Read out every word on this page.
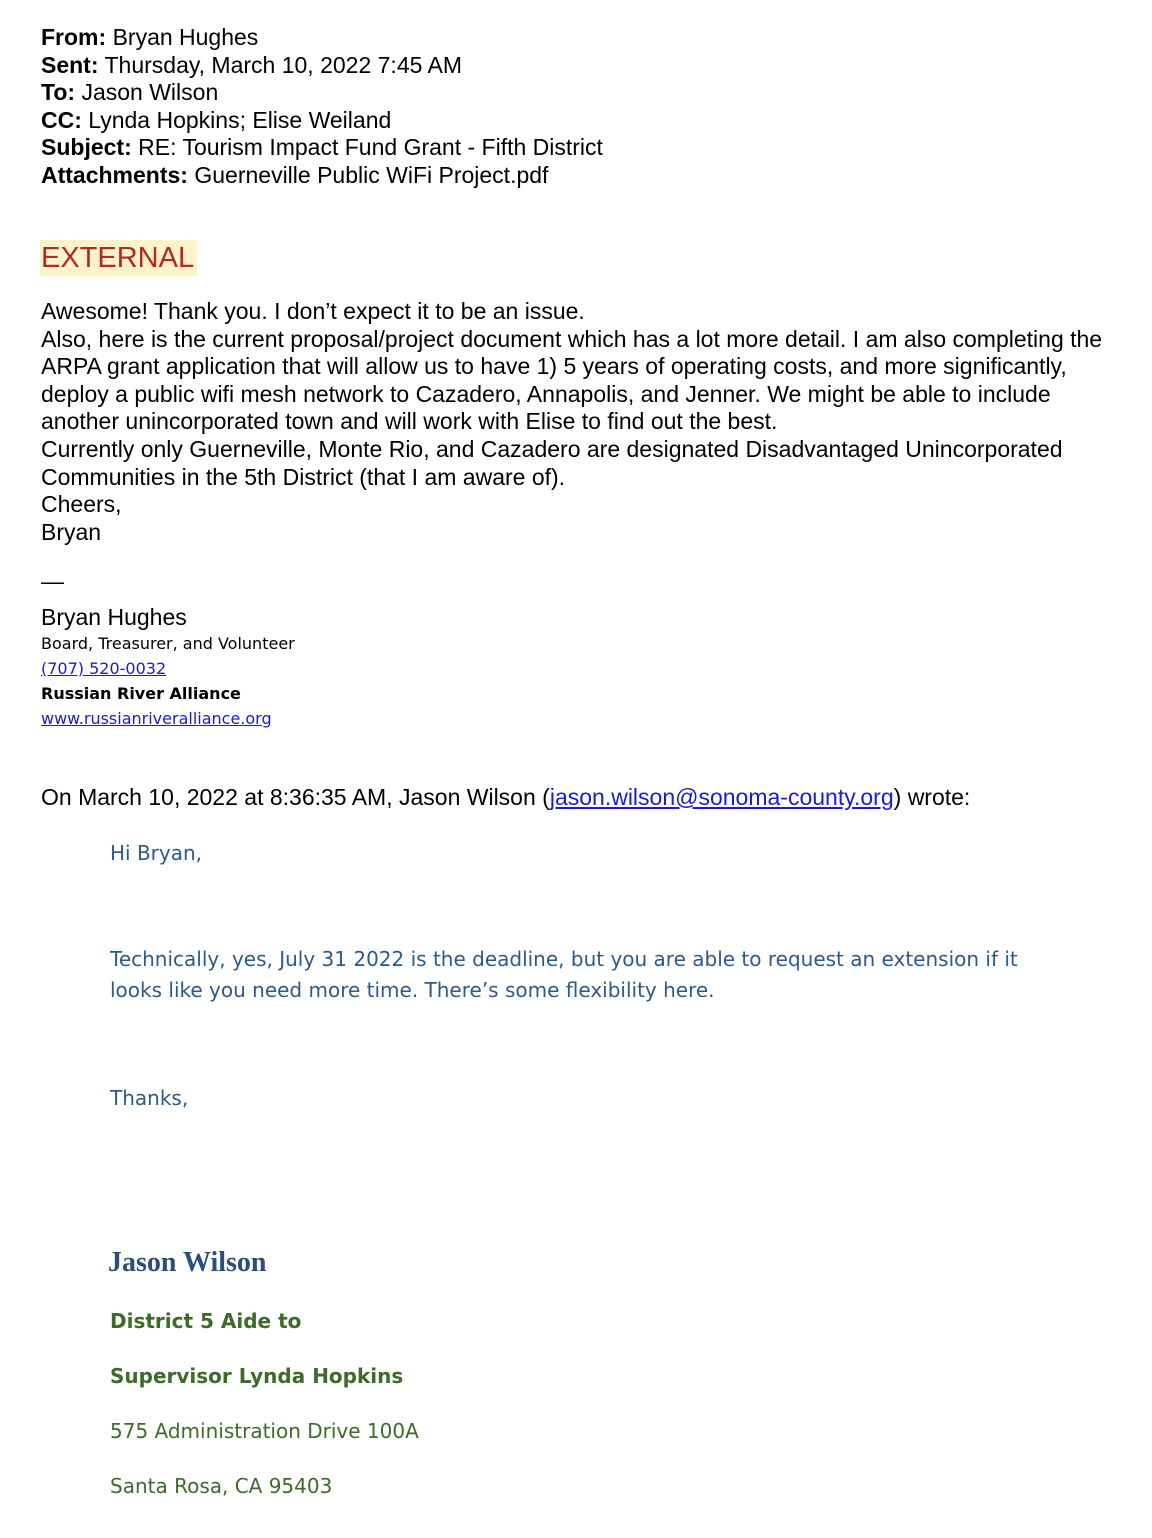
From: Bryan Hughes
Sent: Thursday, March 10, 2022 7:45 AM
To: Jason Wilson
CC: Lynda Hopkins; Elise Weiland
Subject: RE: Tourism Impact Fund Grant - Fifth District
Attachments: Guerneville Public WiFi Project.pdf
EXTERNAL

Awesome! Thank you. I don’t expect it to be an issue.

Also, here is the current proposal/project document which has a lot more detail. I am also completing the ARPA grant application that will allow us to have 1) 5 years of operating costs, and more significantly, deploy a public wifi mesh network to Cazadero, Annapolis, and Jenner. We might be able to include another unincorporated town and will work with Elise to find out the best.

Currently only Guerneville, Monte Rio, and Cazadero are designated Disadvantaged Unincorporated Communities in the 5th District (that I am aware of).

Cheers,

Bryan

—
Bryan Hughes
Board, Treasurer, and Volunteer
(707) 520-0032
Russian River Alliance
www.russianriveralliance.org
On March 10, 2022 at 8:36:35 AM, Jason Wilson (jason.wilson@sonoma-county.org) wrote:
Hi Bryan,
Technically, yes, July 31 2022 is the deadline, but you are able to request an extension if it looks like you need more time. There’s some flexibility here.
Thanks,
Jason Wilson
District 5 Aide to
Supervisor Lynda Hopkins
575 Administration Drive 100A
Santa Rosa, CA 95403
